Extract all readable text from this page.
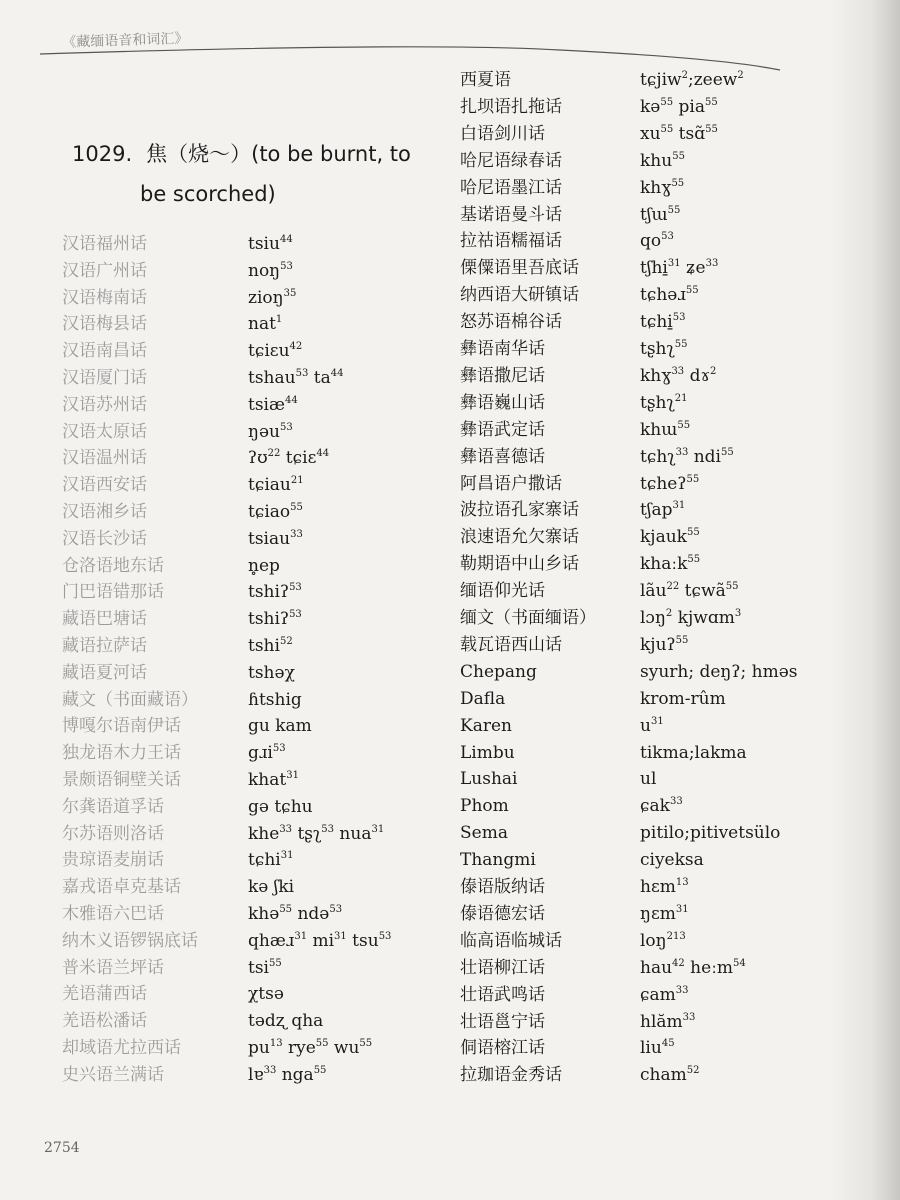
《藏缅语音和词汇》
1029. 焦（烧～）(to be burnt, to
be scorched)
汉语福州话	tsiu$^{44}$
汉语广州话	noŋ$^{53}$
汉语梅南话	zioŋ$^{35}$
汉语梅县话	nat$^1$
汉语南昌话	tɕiɛu$^{42}$
汉语厦门话	tshau$^{53}$ $ta^{44}$
汉语苏州话	tsiæ$^{44}$
汉语太原话	ŋəu$^{53}$
汉语温州话	ʔʊ$^{22}$ tɕiɛ$^{44}$
汉语西安话	tɕiau$^{21}$
汉语湘乡话	tɕiao$^{55}$
汉语长沙话	tsiau$^{33}$
仓洛语地东话	n̥ep
门巴语错那话	tshiʔ$^{53}$
藏语巴塘话	tshiʔ$^{53}$
藏语拉萨话	tshi$^{52}$
藏语夏河话	tshəχ
藏文（书面藏语）	ɦtshig
博嘎尔语南伊话	gu kam
独龙语木力王话	gɹi$^{53}$
景颇语铜壁关话	khat$^{31}$
尔龚语道孚话	gə tɕhu
尔苏语则洛话	khe$^{33}$ tʂʅ$^{53}$ nua$^{31}$
贵琼语麦崩话	tɕhi$^{31}$
嘉戎语卓克基话	kə ʃki
木雅语六巴话	khə$^{55}$ ndə$^{53}$
纳木义语锣锅底话	qhæɹ$^{31}$ $mi^{31}$ tsu$^{53}$
普米语兰坪话	tsi$^{55}$
羌语蒲西话	χtsə
羌语松潘话	tədʐ qha
却域语尤拉西话	$pu^{13}$ rye$^{55}$ $wu^{55}$
史兴语兰满话	lɐ$^{33}$ nga$^{55}$
西夏语	tɕjiw$^2$;zeew$^2$
扎坝语扎拖话	kə$^{55}$ pia$^{55}$
白语剑川话	$xu^{55}$ tsɑ̃$^{55}$
哈尼语绿春话	khu$^{55}$
哈尼语墨江话	khɣ$^{55}$
基诺语曼斗话	tʃɯ$^{55}$
拉祜语糯福话	$qo^{53}$
傈僳语里吾底话	tʃhi̱$^{31}$ ʑe$^{33}$
纳西语大研镇话	tɕhəɹ$^{55}$
怒苏语棉谷话	tɕhi̱$^{53}$
彝语南华话	tʂhʅ$^{55}$
彝语撒尼话	khɣ$^{33}$ dɤ$^2$
彝语巍山话	tʂhʅ$^{21}$
彝语武定话	khɯ$^{55}$
彝语喜德话	tɕhʅ$^{33}$ ndi$^{55}$
阿昌语户撒话	tɕheʔ$^{55}$
波拉语孔家寨话	tʃap$^{31}$
浪速语允欠寨话	kjauk$^{55}$
勒期语中山乡话	khaːk$^{55}$
缅语仰光话	lãu$^{22}$ tɕwã$^{55}$
缅文（书面缅语）	lɔŋ$^2$ kjwɑm$^3$
载瓦语西山话	kjuʔ$^{55}$
Chepang	syurh; deŋʔ; hməs
Dafla	krom-rûm
Karen	$u^{31}$
Limbu	tikma;lakma
Lushai	ul
Phom	ɕak$^{33}$
Sema	pitilo;pitivetsülo
Thangmi	ciyeksa
傣语版纳话	hɛm$^{13}$
傣语德宏话	ŋɛm$^{31}$
临高语临城话	loŋ$^{213}$
壮语柳江话	hau$^{42}$ heːm$^{54}$
壮语武鸣话	ɕam$^{33}$
壮语邕宁话	hlăm$^{33}$
侗语榕江话	liu$^{45}$
拉珈语金秀话	cham$^{52}$
2754
